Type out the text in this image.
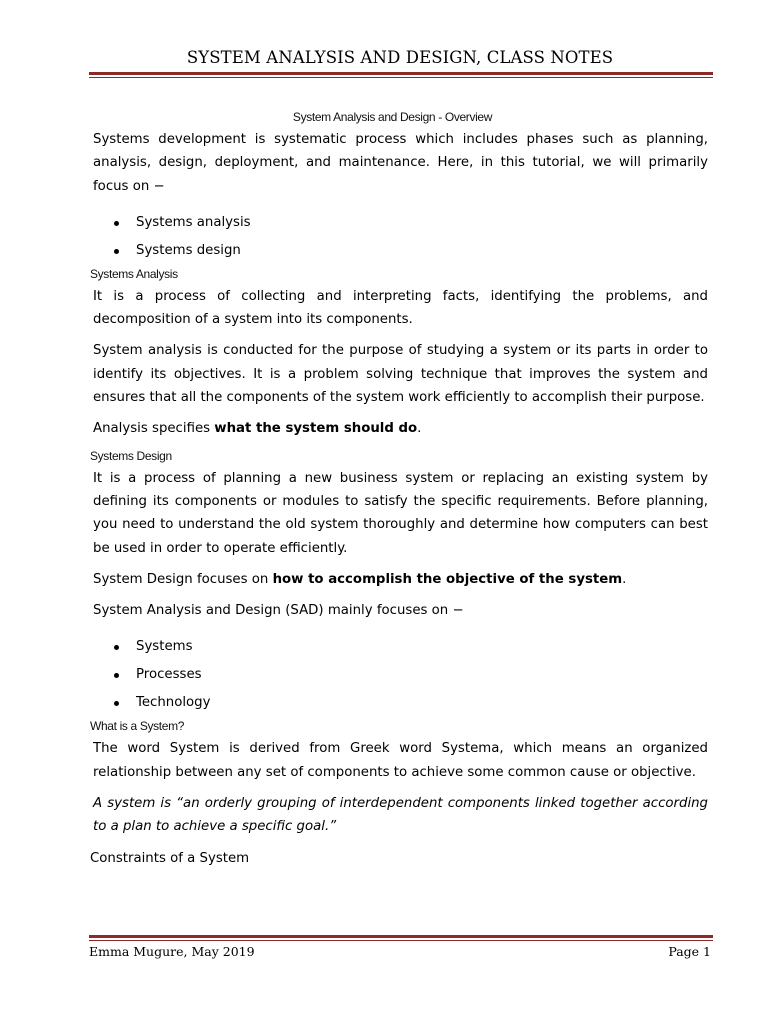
SYSTEM ANALYSIS AND DESIGN, CLASS NOTES
System Analysis and Design - Overview

Systems development is systematic process which includes phases such as planning, analysis, design, deployment, and maintenance. Here, in this tutorial, we will primarily focus on −

Systems analysis
Systems design
Systems Analysis

It is a process of collecting and interpreting facts, identifying the problems, and decomposition of a system into its components.

System analysis is conducted for the purpose of studying a system or its parts in order to identify its objectives. It is a problem solving technique that improves the system and ensures that all the components of the system work efficiently to accomplish their purpose.

Analysis specifies what the system should do.

Systems Design

It is a process of planning a new business system or replacing an existing system by defining its components or modules to satisfy the specific requirements. Before planning, you need to understand the old system thoroughly and determine how computers can best be used in order to operate efficiently.

System Design focuses on how to accomplish the objective of the system.

System Analysis and Design (SAD) mainly focuses on −

Systems
Processes
Technology
What is a System?

The word System is derived from Greek word Systema, which means an organized relationship between any set of components to achieve some common cause or objective.

A system is “an orderly grouping of interdependent components linked together according to a plan to achieve a specific goal.”

Constraints of a System

Emma Mugure, May 2019	Page 1
